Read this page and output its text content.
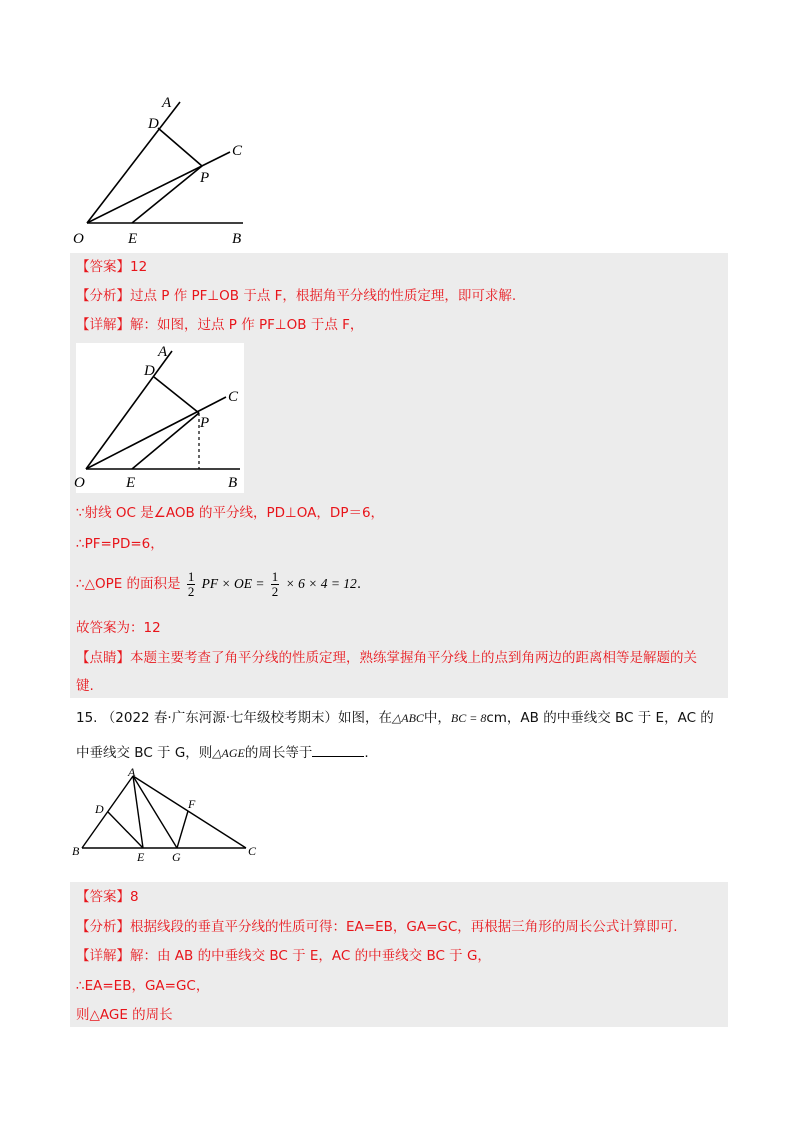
A
D
C
P
O	E	B
【答案】12
【分析】过点 P 作 PF⊥OB 于点 F，根据角平分线的性质定理，即可求解.
【详解】解：如图，过点 P 作 PF⊥OB 于点 F，
A
D
C
P
O	E	B
∵射线 OC 是∠AOB 的平分线，PD⊥OA，DP＝6，
∴PF=PD=6，
∴△OPE 的面积是 $\frac{1}{2}$ PF × OE = $\frac{1}{2} \times 6 \times 4 = 12$.
故答案为：12
【点睛】本题主要考查了角平分线的性质定理，熟练掌握角平分线上的点到角两边的距离相等是解题的关
键.
15. （2022 春·广东河源·七年级校考期末）如图，在△ABC中，BC = 8cm，AB 的中垂线交 BC 于 E，AC 的
中垂线交 BC 于 G，则△AGE的周长等于	.
A
D	F
B	E G	C
【答案】8
【分析】根据线段的垂直平分线的性质可得：EA=EB，GA=GC，再根据三角形的周长公式计算即可.
【详解】解：由 AB 的中垂线交 BC 于 E，AC 的中垂线交 BC 于 G，
∴EA=EB，GA=GC，
则△AGE 的周长
